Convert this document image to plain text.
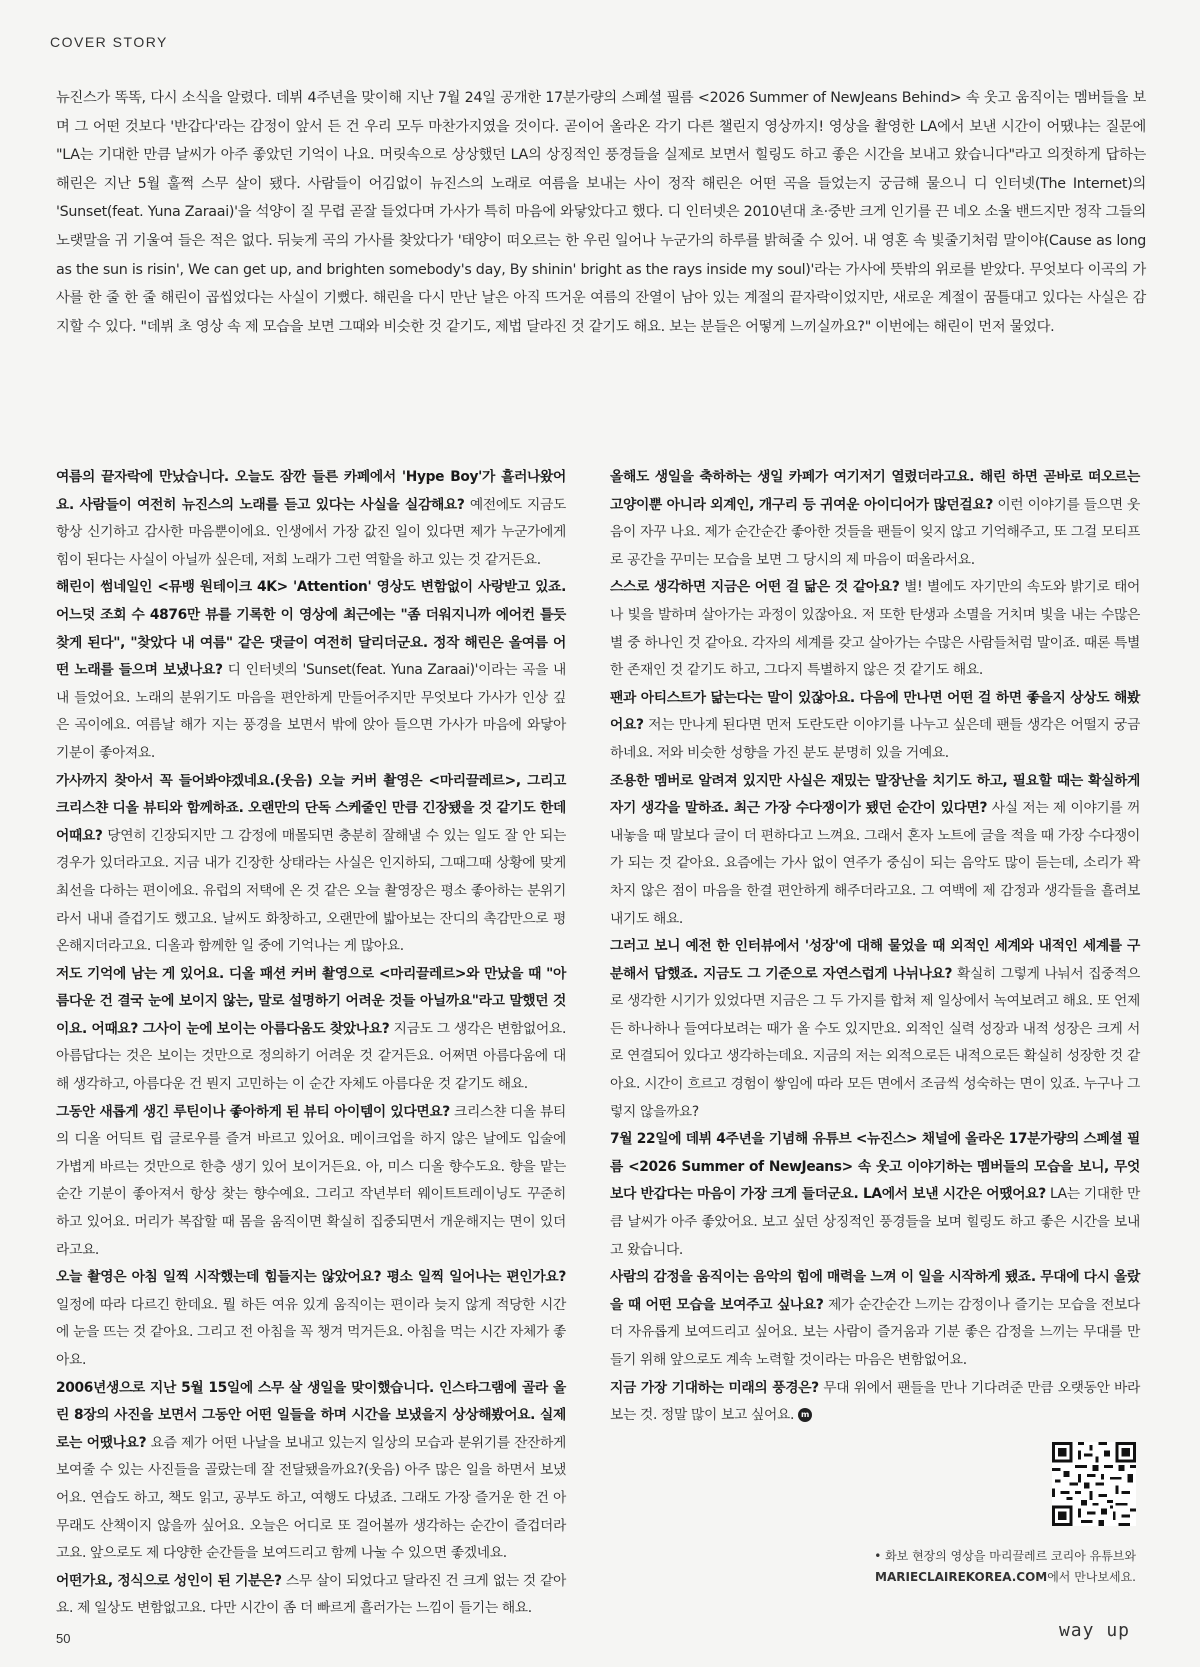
COVER STORY
뉴진스가 똑똑, 다시 소식을 알렸다. 데뷔 4주년을 맞이해 지난 7월 24일 공개한 17분가량의 스페셜 필름 <2026 Summer of NewJeans Behind> 속 웃고 움직이는 멤버들을 보며 그 어떤 것보다 '반갑다'라는 감정이 앞서 든 건 우리 모두 마찬가지였을 것이다. 곧이어 올라온 각기 다른 챌린지 영상까지! 영상을 촬영한 LA에서 보낸 시간이 어땠냐는 질문에 "LA는 기대한 만큼 날씨가 아주 좋았던 기억이 나요. 머릿속으로 상상했던 LA의 상징적인 풍경들을 실제로 보면서 힐링도 하고 좋은 시간을 보내고 왔습니다"라고 의젓하게 답하는 해린은 지난 5월 훌쩍 스무 살이 됐다. 사람들이 어김없이 뉴진스의 노래로 여름을 보내는 사이 정작 해린은 어떤 곡을 들었는지 궁금해 물으니 디 인터넷(The Internet)의 'Sunset(feat. Yuna Zaraai)'을 석양이 질 무렵 곧잘 들었다며 가사가 특히 마음에 와닿았다고 했다. 디 인터넷은 2010년대 초·중반 크게 인기를 끈 네오 소울 밴드지만 정작 그들의 노랫말을 귀 기울여 들은 적은 없다. 뒤늦게 곡의 가사를 찾았다가 '태양이 떠오르는 한 우린 일어나 누군가의 하루를 밝혀줄 수 있어. 내 영혼 속 빛줄기처럼 말이야(Cause as long as the sun is risin', We can get up, and brighten somebody's day, By shinin' bright as the rays inside my soul)'라는 가사에 뜻밖의 위로를 받았다. 무엇보다 이곡의 가사를 한 줄 한 줄 해린이 곱씹었다는 사실이 기뻤다. 해린을 다시 만난 날은 아직 뜨거운 여름의 잔열이 남아 있는 계절의 끝자락이었지만, 새로운 계절이 꿈틀대고 있다는 사실은 감지할 수 있다. "데뷔 초 영상 속 제 모습을 보면 그때와 비슷한 것 같기도, 제법 달라진 것 같기도 해요. 보는 분들은 어떻게 느끼실까요?" 이번에는 해린이 먼저 물었다.

여름의 끝자락에 만났습니다. 오늘도 잠깐 들른 카페에서 'Hype Boy'가 흘러나왔어요. 사람들이 여전히 뉴진스의 노래를 듣고 있다는 사실을 실감해요? 예전에도 지금도 항상 신기하고 감사한 마음뿐이에요. 인생에서 가장 값진 일이 있다면 제가 누군가에게 힘이 된다는 사실이 아닐까 싶은데, 저희 노래가 그런 역할을 하고 있는 것 같거든요.

해린이 썸네일인 <뮤뱅 원테이크 4K> 'Attention' 영상도 변함없이 사랑받고 있죠. 어느덧 조회 수 4876만 뷰를 기록한 이 영상에 최근에는 "좀 더워지니까 에어컨 틀듯 찾게 된다", "찾았다 내 여름" 같은 댓글이 여전히 달리더군요. 정작 해린은 올여름 어떤 노래를 들으며 보냈나요? 디 인터넷의 'Sunset(feat. Yuna Zaraai)'이라는 곡을 내내 들었어요. 노래의 분위기도 마음을 편안하게 만들어주지만 무엇보다 가사가 인상 깊은 곡이에요. 여름날 해가 지는 풍경을 보면서 밖에 앉아 들으면 가사가 마음에 와닿아 기분이 좋아져요.

가사까지 찾아서 꼭 들어봐야겠네요.(웃음) 오늘 커버 촬영은 <마리끌레르>, 그리고 크리스챤 디올 뷰티와 함께하죠. 오랜만의 단독 스케줄인 만큼 긴장됐을 것 같기도 한데 어때요? 당연히 긴장되지만 그 감정에 매몰되면 충분히 잘해낼 수 있는 일도 잘 안 되는 경우가 있더라고요. 지금 내가 긴장한 상태라는 사실은 인지하되, 그때그때 상황에 맞게 최선을 다하는 편이에요. 유럽의 저택에 온 것 같은 오늘 촬영장은 평소 좋아하는 분위기라서 내내 즐겁기도 했고요. 날씨도 화창하고, 오랜만에 밟아보는 잔디의 촉감만으로 평온해지더라고요. 디올과 함께한 일 중에 기억나는 게 많아요.

저도 기억에 남는 게 있어요. 디올 패션 커버 촬영으로 <마리끌레르>와 만났을 때 "아름다운 건 결국 눈에 보이지 않는, 말로 설명하기 어려운 것들 아닐까요"라고 말했던 것이요. 어때요? 그사이 눈에 보이는 아름다움도 찾았나요? 지금도 그 생각은 변함없어요. 아름답다는 것은 보이는 것만으로 정의하기 어려운 것 같거든요. 어쩌면 아름다움에 대해 생각하고, 아름다운 건 뭔지 고민하는 이 순간 자체도 아름다운 것 같기도 해요.

그동안 새롭게 생긴 루틴이나 좋아하게 된 뷰티 아이템이 있다면요? 크리스챤 디올 뷰티의 디올 어딕트 립 글로우를 즐겨 바르고 있어요. 메이크업을 하지 않은 날에도 입술에 가볍게 바르는 것만으로 한층 생기 있어 보이거든요. 아, 미스 디올 향수도요. 향을 맡는 순간 기분이 좋아져서 항상 찾는 향수예요. 그리고 작년부터 웨이트트레이닝도 꾸준히 하고 있어요. 머리가 복잡할 때 몸을 움직이면 확실히 집중되면서 개운해지는 면이 있더라고요.

오늘 촬영은 아침 일찍 시작했는데 힘들지는 않았어요? 평소 일찍 일어나는 편인가요? 일정에 따라 다르긴 한데요. 뭘 하든 여유 있게 움직이는 편이라 늦지 않게 적당한 시간에 눈을 뜨는 것 같아요. 그리고 전 아침을 꼭 챙겨 먹거든요. 아침을 먹는 시간 자체가 좋아요.

2006년생으로 지난 5월 15일에 스무 살 생일을 맞이했습니다. 인스타그램에 골라 올린 8장의 사진을 보면서 그동안 어떤 일들을 하며 시간을 보냈을지 상상해봤어요. 실제로는 어땠나요? 요즘 제가 어떤 나날을 보내고 있는지 일상의 모습과 분위기를 잔잔하게 보여줄 수 있는 사진들을 골랐는데 잘 전달됐을까요?(웃음) 아주 많은 일을 하면서 보냈어요. 연습도 하고, 책도 읽고, 공부도 하고, 여행도 다녔죠. 그래도 가장 즐거운 한 건 아무래도 산책이지 않을까 싶어요. 오늘은 어디로 또 걸어볼까 생각하는 순간이 즐겁더라고요. 앞으로도 제 다양한 순간들을 보여드리고 함께 나눌 수 있으면 좋겠네요.

어떤가요, 정식으로 성인이 된 기분은? 스무 살이 되었다고 달라진 건 크게 없는 것 같아요. 제 일상도 변함없고요. 다만 시간이 좀 더 빠르게 흘러가는 느낌이 들기는 해요.

올해도 생일을 축하하는 생일 카페가 여기저기 열렸더라고요. 해린 하면 곧바로 떠오르는 고양이뿐 아니라 외계인, 개구리 등 귀여운 아이디어가 많던걸요? 이런 이야기를 들으면 웃음이 자꾸 나요. 제가 순간순간 좋아한 것들을 팬들이 잊지 않고 기억해주고, 또 그걸 모티프로 공간을 꾸미는 모습을 보면 그 당시의 제 마음이 떠올라서요.

스스로 생각하면 지금은 어떤 걸 닮은 것 같아요? 별! 별에도 자기만의 속도와 밝기로 태어나 빛을 발하며 살아가는 과정이 있잖아요. 저 또한 탄생과 소멸을 거치며 빛을 내는 수많은 별 중 하나인 것 같아요. 각자의 세계를 갖고 살아가는 수많은 사람들처럼 말이죠. 때론 특별한 존재인 것 같기도 하고, 그다지 특별하지 않은 것 같기도 해요.

팬과 아티스트가 닮는다는 말이 있잖아요. 다음에 만나면 어떤 걸 하면 좋을지 상상도 해봤어요? 저는 만나게 된다면 먼저 도란도란 이야기를 나누고 싶은데 팬들 생각은 어떨지 궁금하네요. 저와 비슷한 성향을 가진 분도 분명히 있을 거예요.

조용한 멤버로 알려져 있지만 사실은 재밌는 말장난을 치기도 하고, 필요할 때는 확실하게 자기 생각을 말하죠. 최근 가장 수다쟁이가 됐던 순간이 있다면? 사실 저는 제 이야기를 꺼내놓을 때 말보다 글이 더 편하다고 느껴요. 그래서 혼자 노트에 글을 적을 때 가장 수다쟁이가 되는 것 같아요. 요즘에는 가사 없이 연주가 중심이 되는 음악도 많이 듣는데, 소리가 꽉 차지 않은 점이 마음을 한결 편안하게 해주더라고요. 그 여백에 제 감정과 생각들을 흘려보내기도 해요.

그러고 보니 예전 한 인터뷰에서 '성장'에 대해 물었을 때 외적인 세계와 내적인 세계를 구분해서 답했죠. 지금도 그 기준으로 자연스럽게 나뉘나요? 확실히 그렇게 나눠서 집중적으로 생각한 시기가 있었다면 지금은 그 두 가지를 합쳐 제 일상에서 녹여보려고 해요. 또 언제든 하나하나 들여다보려는 때가 올 수도 있지만요. 외적인 실력 성장과 내적 성장은 크게 서로 연결되어 있다고 생각하는데요. 지금의 저는 외적으로든 내적으로든 확실히 성장한 것 같아요. 시간이 흐르고 경험이 쌓임에 따라 모든 면에서 조금씩 성숙하는 면이 있죠. 누구나 그렇지 않을까요?

7월 22일에 데뷔 4주년을 기념해 유튜브 <뉴진스> 채널에 올라온 17분가량의 스페셜 필름 <2026 Summer of NewJeans> 속 웃고 이야기하는 멤버들의 모습을 보니, 무엇보다 반갑다는 마음이 가장 크게 들더군요. LA에서 보낸 시간은 어땠어요? LA는 기대한 만큼 날씨가 아주 좋았어요. 보고 싶던 상징적인 풍경들을 보며 힐링도 하고 좋은 시간을 보내고 왔습니다.

사람의 감정을 움직이는 음악의 힘에 매력을 느껴 이 일을 시작하게 됐죠. 무대에 다시 올랐을 때 어떤 모습을 보여주고 싶나요? 제가 순간순간 느끼는 감정이나 즐기는 모습을 전보다 더 자유롭게 보여드리고 싶어요. 보는 사람이 즐거움과 기분 좋은 감정을 느끼는 무대를 만들기 위해 앞으로도 계속 노력할 것이라는 마음은 변함없어요.

지금 가장 기대하는 미래의 풍경은? 무대 위에서 팬들을 만나 기다려준 만큼 오랫동안 바라보는 것. 정말 많이 보고 싶어요. m

• 화보 현장의 영상을 마리끌레르 코리아 유튜브와
MARIECLAIREKOREA.COM에서 만나보세요.
50	way up
